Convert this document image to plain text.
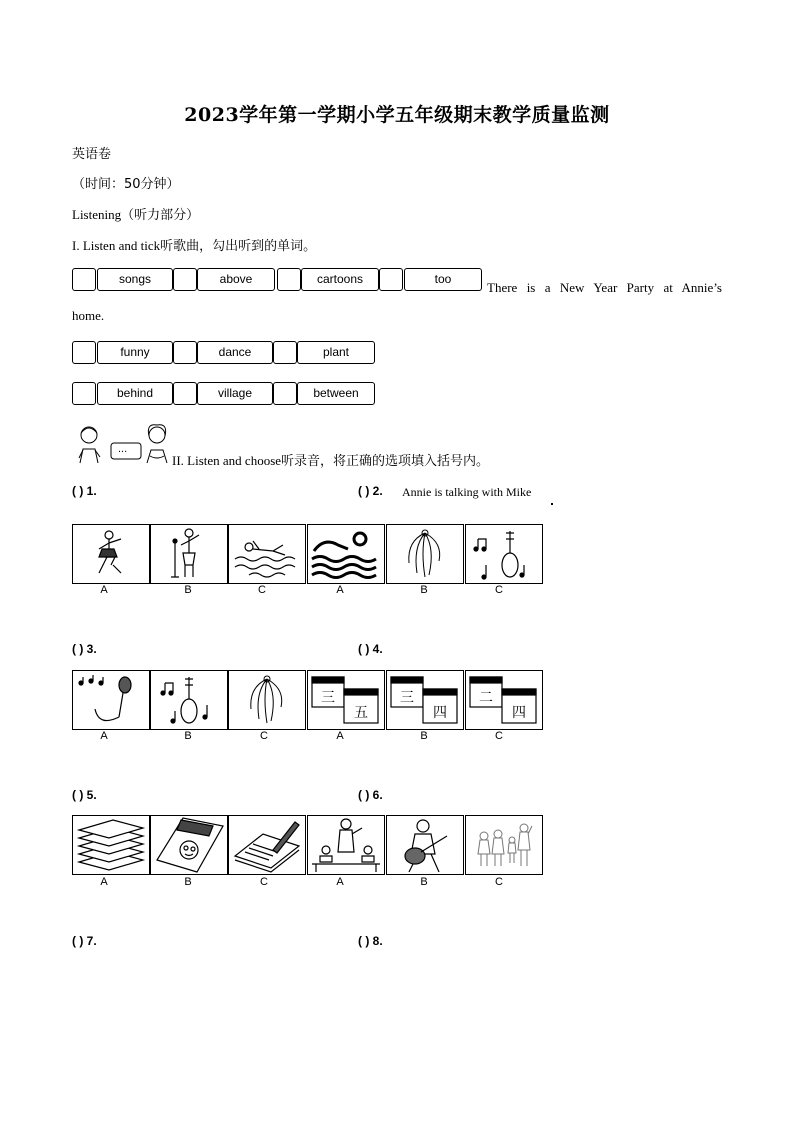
2023学年第一学期小学五年级期末教学质量监测
英语卷
（时间：50分钟）
Listening（听力部分）
I. Listen and tick听歌曲，勾出听到的单词。
songs	above	cartoons	too
There is a New Year Party at Annie’s
home.
funny	dance	plant
behind	village	between
...
II. Listen and choose听录音，将正确的选项填入括号内。
( ) 1.	( ) 2. Annie is talking with Mike
( ) 3.	( ) 4.
( ) 5.	( ) 6.
( ) 7.	( ) 8.
A	B	C	A	B	C
三
五
三
四
二
四
A	B	C	A	B	C
A	B	C	A	B	C
